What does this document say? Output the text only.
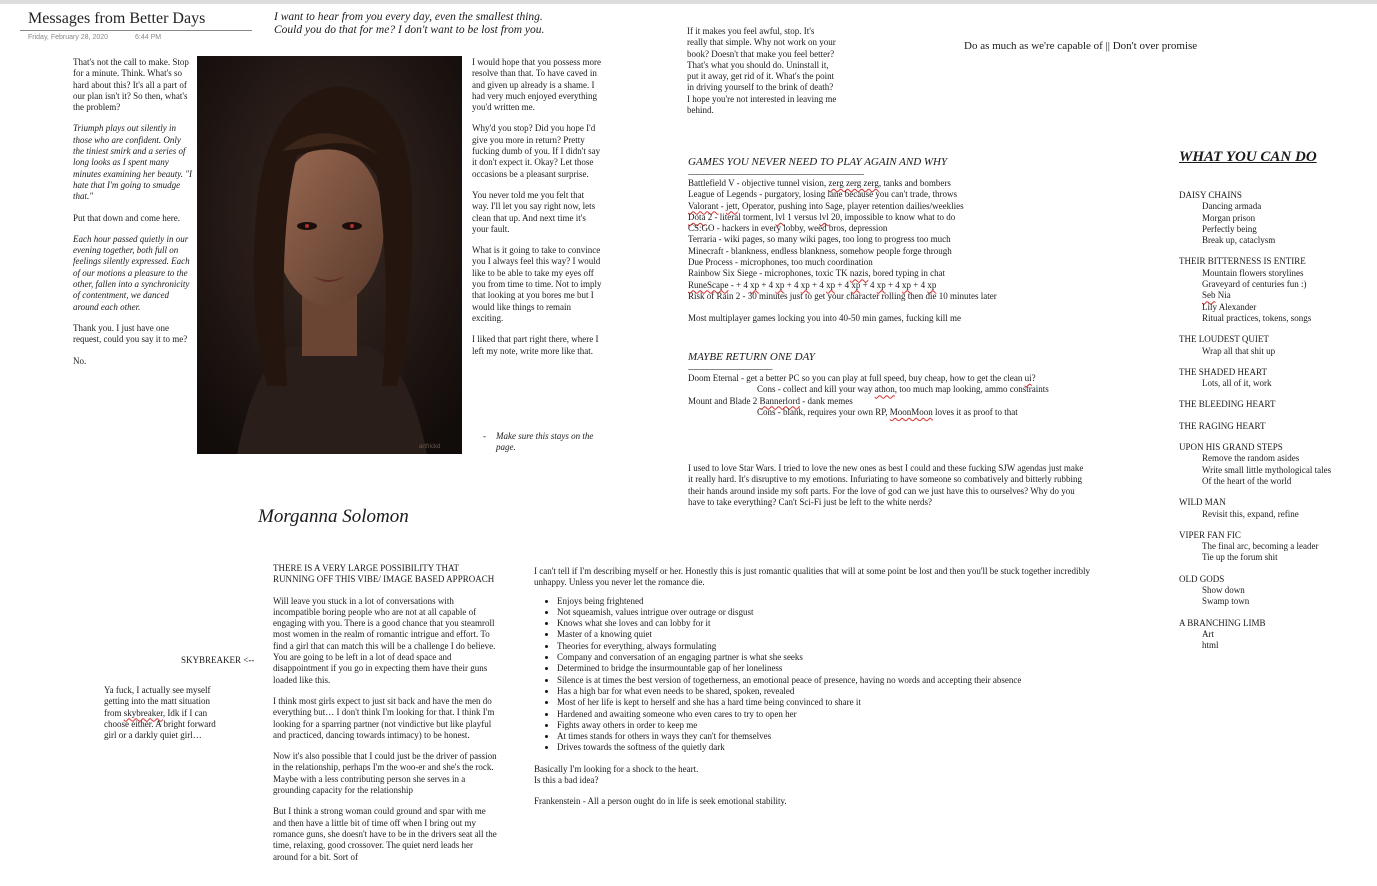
Messages from Better Days
Friday, February 28, 2020	6:44 PM
I want to hear from you every day, even the smallest thing.
Could you do that for me? I don't want to be lost from you.

That's not the call to make. Stop for a minute. Think. What's so hard about this? It's all a part of our plan isn't it? So then, what's the problem?

Triumph plays out silently in those who are confident. Only the tiniest smirk and a series of long looks as I spent many minutes examining her beauty. "I hate that I'm going to smudge that."

Put that down and come here.

Each hour passed quietly in our evening together, both full on feelings silently expressed. Each of our motions a pleasure to the other, fallen into a synchronicity of contentment, we danced around each other.

Thank you. I just have one request, could you say it to me?

No.

artfrickd

I would hope that you possess more resolve than that. To have caved in and given up already is a shame. I had very much enjoyed everything you'd written me.

Why'd you stop? Did you hope I'd give you more in return? Pretty fucking dumb of you. If I didn't say it don't expect it. Okay? Let those occasions be a pleasant surprise.

You never told me you felt that way. I'll let you say right now, lets clean that up. And next time it's your fault.

What is it going to take to convince you I always feel this way? I would like to be able to take my eyes off you from time to time. Not to imply that looking at you bores me but I would like things to remain exciting.

I liked that part right there, where I left my note, write more like that.

-	Make sure this stays on the page.
Morganna Solomon
If it makes you feel awful, stop. It's really that simple. Why not work on your book? Doesn't that make you feel better? That's what you should do. Uninstall it, put it away, get rid of it. What's the point in driving yourself to the brink of death? I hope you're not interested in leaving me behind.
Do as much as we're capable of || Don't over promise
GAMES YOU NEVER NEED TO PLAY AGAIN AND WHY
------------------------------------------------------------------------------------------------
Battlefield V - objective tunnel vision, zerg zerg zerg, tanks and bombers
League of Legends - purgatory, losing lane because you can't trade, throws
Valorant - jett, Operator, pushing into Sage, player retention dailies/weeklies
Dota 2 - literal torment, lvl 1 versus lvl 20, impossible to know what to do
CS:GO - hackers in every lobby, weed bros, depression
Terraria - wiki pages, so many wiki pages, too long to progress too much
Minecraft - blankness, endless blankness, somehow people forge through
Due Process - microphones, too much coordination
Rainbow Six Siege - microphones, toxic TK nazis, bored typing in chat
RuneScape - + 4 xp + 4 xp + 4 xp + 4 xp + 4 xp + 4 xp + 4 xp + 4 xp
Risk of Rain 2 - 30 minutes just to get your character rolling then die 10 minutes later
Most multiplayer games locking you into 40-50 min games, fucking kill me
MAYBE RETURN ONE DAY
----------------------------------------------
Doom Eternal - get a better PC so you can play at full speed, buy cheap, how to get the clean ui?
Cons - collect and kill your way athon, too much map looking, ammo constraints
Mount and Blade 2 Bannerlord - dank memes
Cons - blank, requires your own RP, MoonMoon loves it as proof to that
I used to love Star Wars. I tried to love the new ones as best I could and these fucking SJW agendas just make it really hard. It's disruptive to my emotions. Infuriating to have someone so combatively and bitterly rubbing their hands around inside my soft parts. For the love of god can we just have this to ourselves? Why do you have to take everything? Can't Sci-Fi just be left to the white nerds?
WHAT YOU CAN DO
DAISY CHAINS
Dancing armada
Morgan prison
Perfectly being
Break up, cataclysm
THEIR BITTERNESS IS ENTIRE
Mountain flowers storylines
Graveyard of centuries fun :)
Seb Nia
Lily Alexander
Ritual practices, tokens, songs
THE LOUDEST QUIET
Wrap all that shit up
THE SHADED HEART
Lots, all of it, work
THE BLEEDING HEART
THE RAGING HEART
UPON HIS GRAND STEPS
Remove the random asides
Write small little mythological tales
Of the heart of the world
WILD MAN
Revisit this, expand, refine
VIPER FAN FIC
The final arc, becoming a leader
Tie up the forum shit
OLD GODS
Show down
Swamp town
A BRANCHING LIMB
Art
html
SKYBREAKER <--
Ya fuck, I actually see myself getting into the matt situation from skybreaker, Idk if I can choose either. A bright forward girl or a darkly quiet girl…

THERE IS A VERY LARGE POSSIBILITY THAT RUNNING OFF THIS VIBE/ IMAGE BASED APPROACH

Will leave you stuck in a lot of conversations with incompatible boring people who are not at all capable of engaging with you. There is a good chance that you steamroll most women in the realm of romantic intrigue and effort. To find a girl that can match this will be a challenge I do believe. You are going to be left in a lot of dead space and disappointment if you go in expecting them have their guns loaded like this.

I think most girls expect to just sit back and have the men do everything but… I don't think I'm looking for that. I think I'm looking for a sparring partner (not vindictive but like playful and practiced, dancing towards intimacy) to be honest.

Now it's also possible that I could just be the driver of passion in the relationship, perhaps I'm the woo-er and she's the rock. Maybe with a less contributing person she serves in a grounding capacity for the relationship

But I think a strong woman could ground and spar with me and then have a little bit of time off when I bring out my romance guns, she doesn't have to be in the drivers seat all the time, relaxing, good crossover. The quiet nerd leads her around for a bit. Sort of

I can't tell if I'm describing myself or her. Honestly this is just romantic qualities that will at some point be lost and then you'll be stuck together incredibly unhappy. Unless you never let the romance die.

• Enjoys being frightened
• Not squeamish, values intrigue over outrage or disgust
• Knows what she loves and can lobby for it
• Master of a knowing quiet
• Theories for everything, always formulating
• Company and conversation of an engaging partner is what she seeks
• Determined to bridge the insurmountable gap of her loneliness
• Silence is at times the best version of togetherness, an emotional peace of presence, having no words and accepting their absence
• Has a high bar for what even needs to be shared, spoken, revealed
• Most of her life is kept to herself and she has a hard time being convinced to share it
• Hardened and awaiting someone who even cares to try to open her
• Fights away others in order to keep me
• At times stands for others in ways they can't for themselves
• Drives towards the softness of the quietly dark

Basically I'm looking for a shock to the heart.

Is this a bad idea?

Frankenstein - All a person ought do in life is seek emotional stability.
